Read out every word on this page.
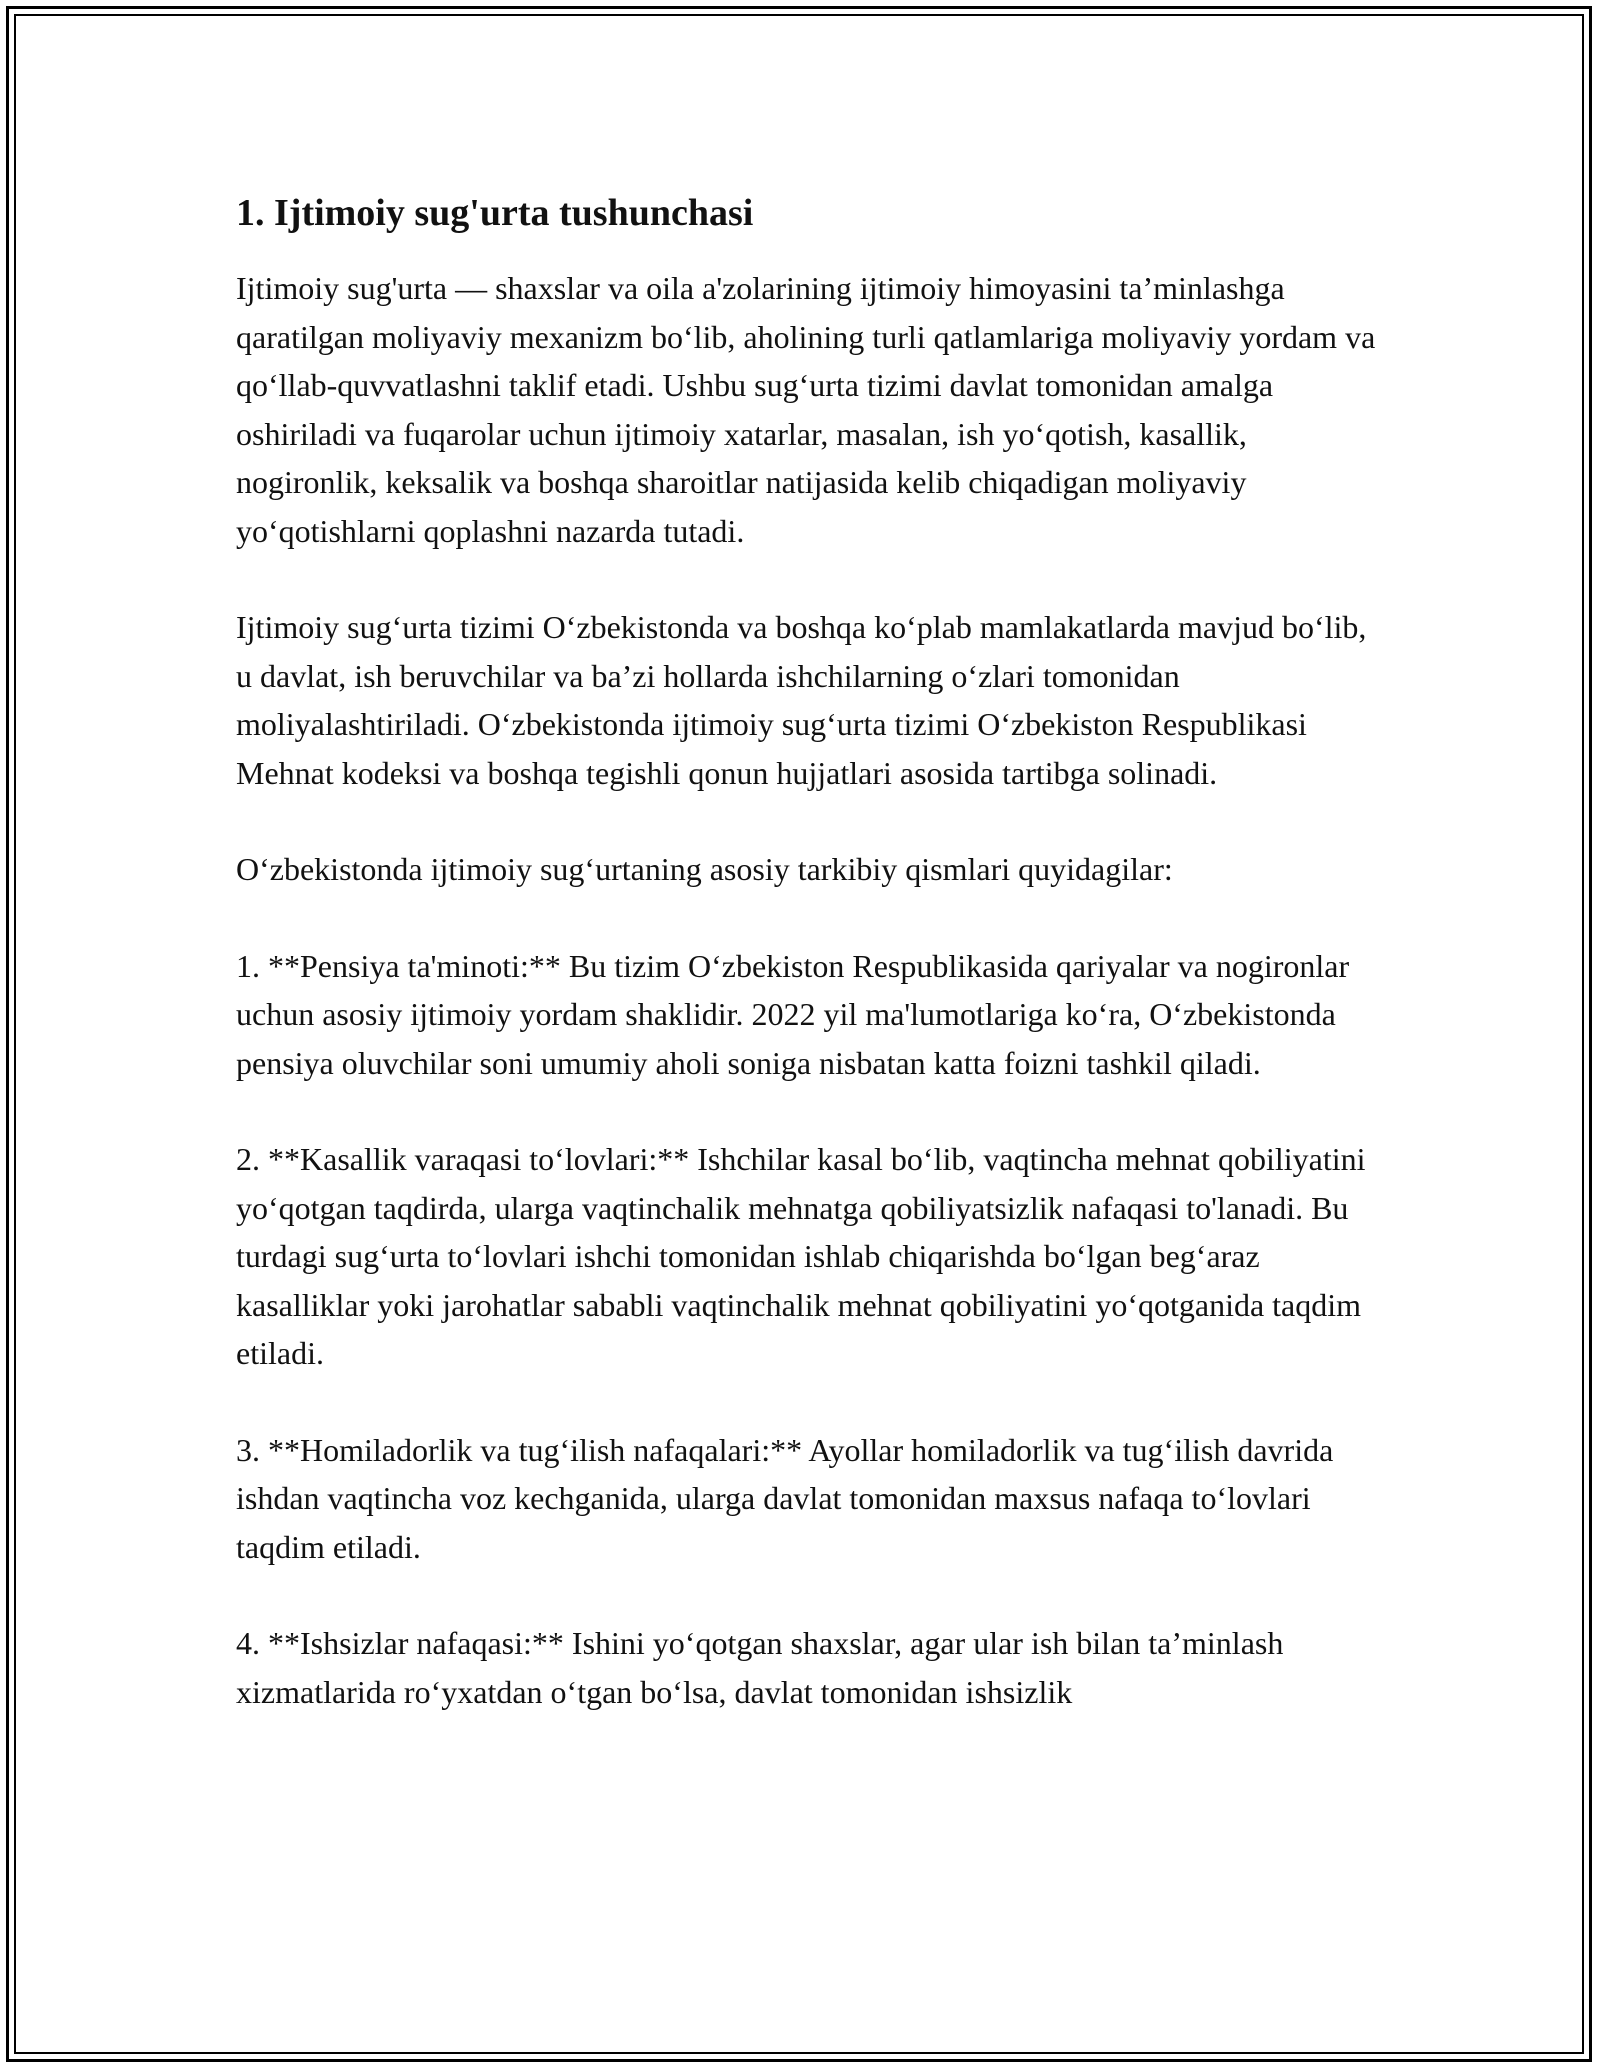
1. Ijtimoiy sug'urta tushunchasi

Ijtimoiy sug'urta — shaxslar va oila a'zolarining ijtimoiy himoyasini ta’minlashga qaratilgan moliyaviy mexanizm bo‘lib, aholining turli qatlamlariga moliyaviy yordam va qo‘llab-quvvatlashni taklif etadi. Ushbu sug‘urta tizimi davlat tomonidan amalga oshiriladi va fuqarolar uchun ijtimoiy xatarlar, masalan, ish yo‘qotish, kasallik, nogironlik, keksalik va boshqa sharoitlar natijasida kelib chiqadigan moliyaviy yo‘qotishlarni qoplashni nazarda tutadi.

Ijtimoiy sug‘urta tizimi O‘zbekistonda va boshqa ko‘plab mamlakatlarda mavjud bo‘lib, u davlat, ish beruvchilar va ba’zi hollarda ishchilarning o‘zlari tomonidan moliyalashtiriladi. O‘zbekistonda ijtimoiy sug‘urta tizimi O‘zbekiston Respublikasi Mehnat kodeksi va boshqa tegishli qonun hujjatlari asosida tartibga solinadi.

O‘zbekistonda ijtimoiy sug‘urtaning asosiy tarkibiy qismlari quyidagilar:

1. **Pensiya ta'minoti:** Bu tizim O‘zbekiston Respublikasida qariyalar va nogironlar uchun asosiy ijtimoiy yordam shaklidir. 2022 yil ma'lumotlariga ko‘ra, O‘zbekistonda pensiya oluvchilar soni umumiy aholi soniga nisbatan katta foizni tashkil qiladi.

2. **Kasallik varaqasi to‘lovlari:** Ishchilar kasal bo‘lib, vaqtincha mehnat qobiliyatini yo‘qotgan taqdirda, ularga vaqtinchalik mehnatga qobiliyatsizlik nafaqasi to'lanadi. Bu turdagi sug‘urta to‘lovlari ishchi tomonidan ishlab chiqarishda bo‘lgan beg‘araz kasalliklar yoki jarohatlar sababli vaqtinchalik mehnat qobiliyatini yo‘qotganida taqdim etiladi.

3. **Homiladorlik va tug‘ilish nafaqalari:** Ayollar homiladorlik va tug‘ilish davrida ishdan vaqtincha voz kechganida, ularga davlat tomonidan maxsus nafaqa to‘lovlari taqdim etiladi.

4. **Ishsizlar nafaqasi:** Ishini yo‘qotgan shaxslar, agar ular ish bilan ta’minlash xizmatlarida ro‘yxatdan o‘tgan bo‘lsa, davlat tomonidan ishsizlik
